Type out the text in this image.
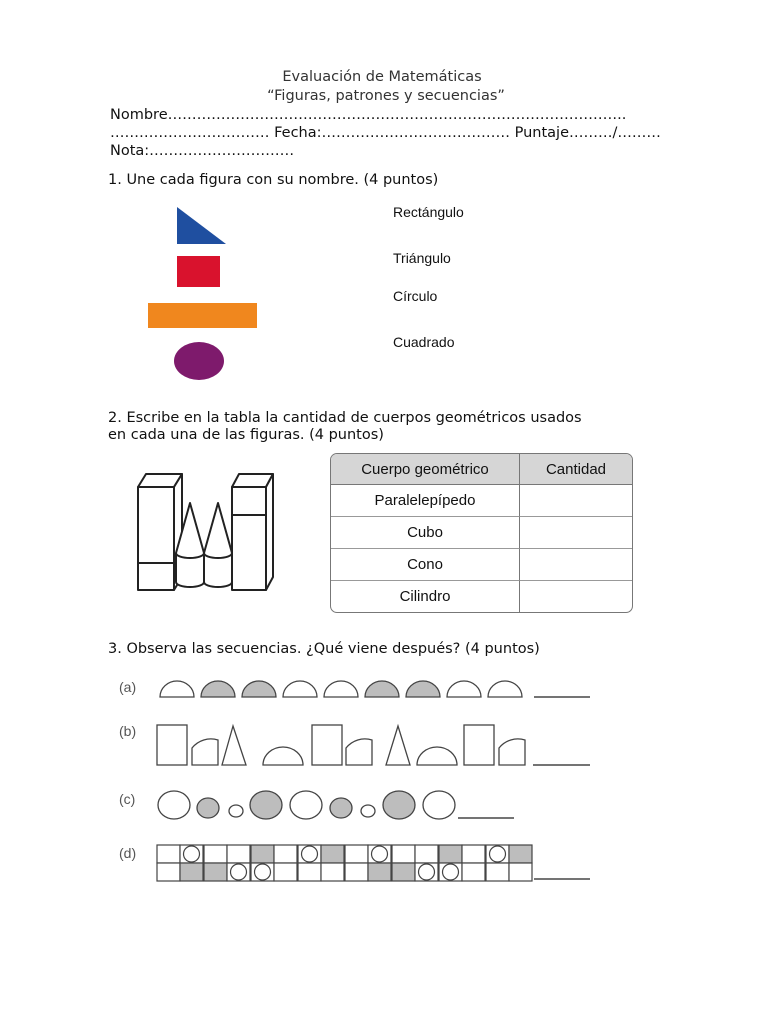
Evaluación de Matemáticas
“Figuras, patrones y secuencias”
Nombre…………………………………………………………………………………..
…………………………… Fecha:………………………………… Puntaje………/………
Nota:…………………………
1. Une cada figura con su nombre. (4 puntos)
Rectángulo
Triángulo
Círculo
Cuadrado
2. Escribe en la tabla la cantidad de cuerpos geométricos usados
en cada una de las figuras. (4 puntos)
Cuerpo geométrico	Cantidad
Paralelepípedo	
Cubo	
Cono	
Cilindro	
3. Observa las secuencias. ¿Qué viene después? (4 puntos)
(a)
(b)
(c)
(d)
